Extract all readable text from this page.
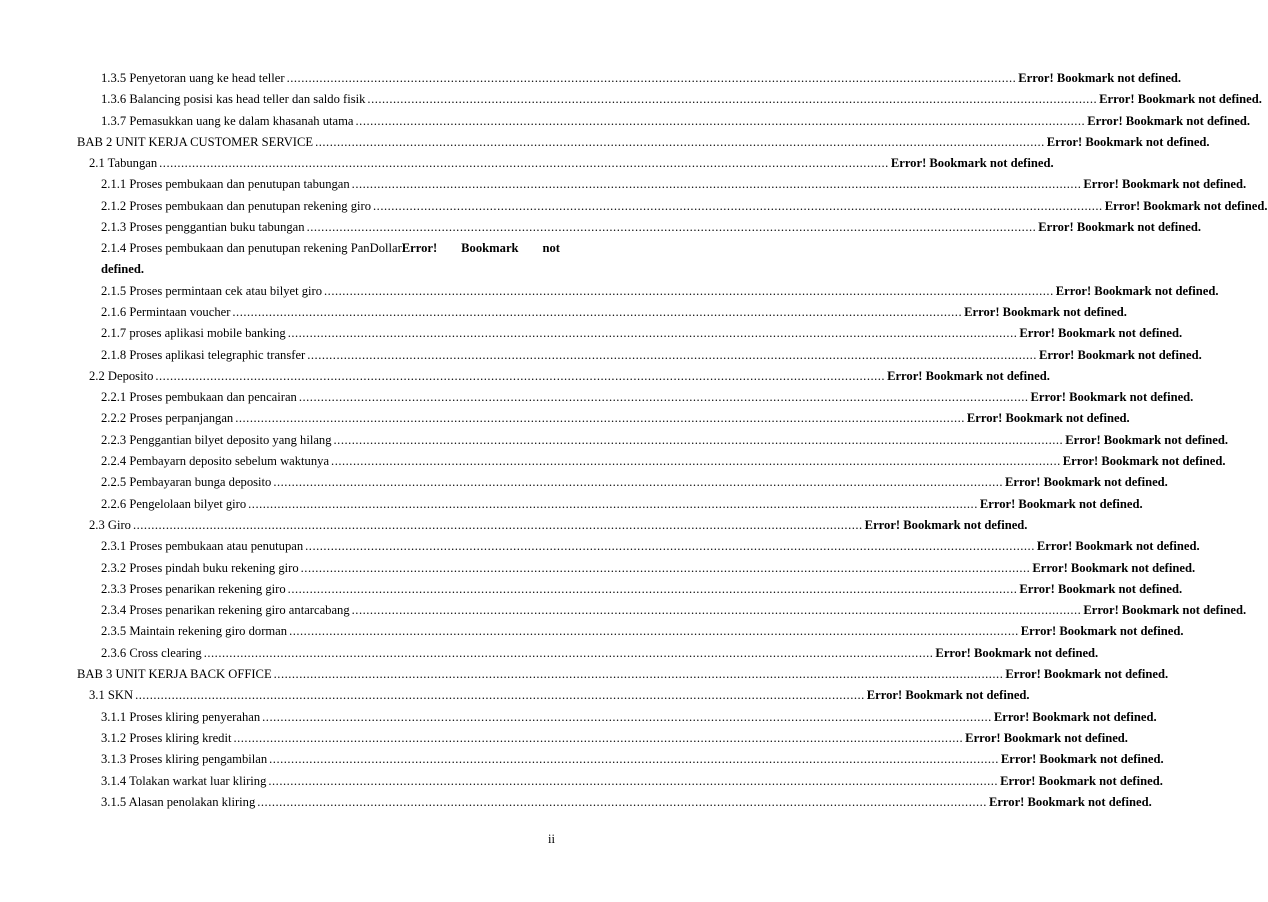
1.3.5 Penyetoran uang ke head teller ........................................................................................................................................................................................................ Error! Bookmark not defined.
1.3.6 Balancing posisi kas head teller dan saldo fisik ........................................................................................................................................................................................................ Error! Bookmark not defined.
1.3.7 Pemasukkan uang ke dalam khasanah utama ........................................................................................................................................................................................................ Error! Bookmark not defined.
BAB 2 UNIT KERJA CUSTOMER SERVICE ........................................................................................................................................................................................................ Error! Bookmark not defined.
2.1 Tabungan ........................................................................................................................................................................................................ Error! Bookmark not defined.
2.1.1 Proses pembukaan dan penutupan tabungan ........................................................................................................................................................................................................ Error! Bookmark not defined.
2.1.2 Proses pembukaan dan penutupan rekening giro ........................................................................................................................................................................................................ Error! Bookmark not defined.
2.1.3 Proses penggantian buku tabungan ........................................................................................................................................................................................................ Error! Bookmark not defined.
2.1.4 Proses pembukaan dan penutupan rekening PanDollar Error! Bookmark not
defined.
2.1.5 Proses permintaan cek atau bilyet giro ........................................................................................................................................................................................................ Error! Bookmark not defined.
2.1.6 Permintaan voucher ........................................................................................................................................................................................................ Error! Bookmark not defined.
2.1.7 proses aplikasi mobile banking ........................................................................................................................................................................................................ Error! Bookmark not defined.
2.1.8 Proses aplikasi telegraphic transfer ........................................................................................................................................................................................................ Error! Bookmark not defined.
2.2 Deposito ........................................................................................................................................................................................................ Error! Bookmark not defined.
2.2.1 Proses pembukaan dan pencairan ........................................................................................................................................................................................................ Error! Bookmark not defined.
2.2.2 Proses perpanjangan ........................................................................................................................................................................................................ Error! Bookmark not defined.
2.2.3 Penggantian bilyet deposito yang hilang ........................................................................................................................................................................................................ Error! Bookmark not defined.
2.2.4 Pembayarn deposito sebelum waktunya ........................................................................................................................................................................................................ Error! Bookmark not defined.
2.2.5 Pembayaran bunga deposito ........................................................................................................................................................................................................ Error! Bookmark not defined.
2.2.6 Pengelolaan bilyet giro ........................................................................................................................................................................................................ Error! Bookmark not defined.
2.3 Giro ........................................................................................................................................................................................................ Error! Bookmark not defined.
2.3.1 Proses pembukaan atau penutupan ........................................................................................................................................................................................................ Error! Bookmark not defined.
2.3.2 Proses pindah buku rekening giro ........................................................................................................................................................................................................ Error! Bookmark not defined.
2.3.3 Proses penarikan rekening giro ........................................................................................................................................................................................................ Error! Bookmark not defined.
2.3.4 Proses penarikan rekening giro antarcabang ........................................................................................................................................................................................................ Error! Bookmark not defined.
2.3.5 Maintain rekening giro dorman ........................................................................................................................................................................................................ Error! Bookmark not defined.
2.3.6 Cross clearing ........................................................................................................................................................................................................ Error! Bookmark not defined.
BAB 3 UNIT KERJA BACK OFFICE ........................................................................................................................................................................................................ Error! Bookmark not defined.
3.1 SKN ........................................................................................................................................................................................................ Error! Bookmark not defined.
3.1.1 Proses kliring penyerahan ........................................................................................................................................................................................................ Error! Bookmark not defined.
3.1.2 Proses kliring kredit ........................................................................................................................................................................................................ Error! Bookmark not defined.
3.1.3 Proses kliring pengambilan ........................................................................................................................................................................................................ Error! Bookmark not defined.
3.1.4 Tolakan warkat luar kliring ........................................................................................................................................................................................................ Error! Bookmark not defined.
3.1.5 Alasan penolakan kliring ........................................................................................................................................................................................................ Error! Bookmark not defined.
ii
